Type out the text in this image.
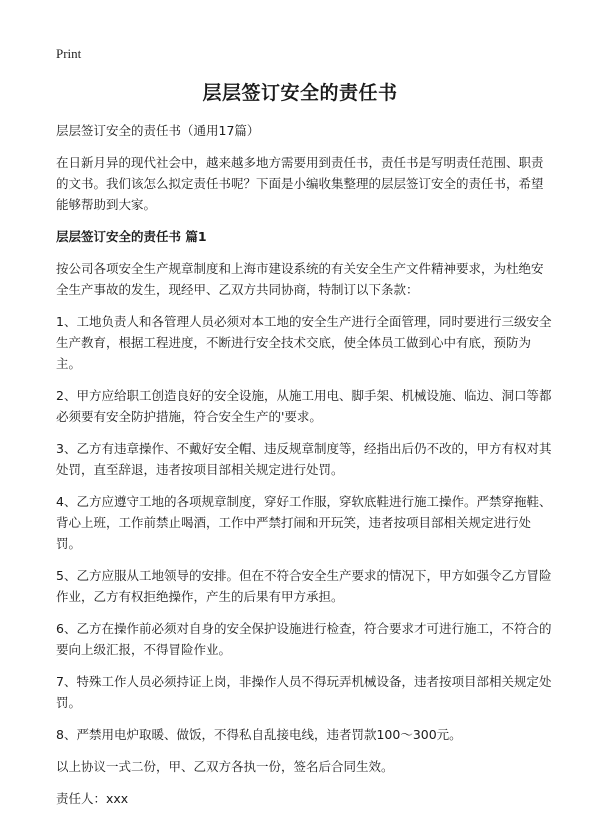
Print
层层签订安全的责任书

层层签订安全的责任书（通用17篇）

在日新月异的现代社会中，越来越多地方需要用到责任书，责任书是写明责任范围、职责的文书。我们该怎么拟定责任书呢？下面是小编收集整理的层层签订安全的责任书，希望能够帮助到大家。

层层签订安全的责任书 篇1

按公司各项安全生产规章制度和上海市建设系统的有关安全生产文件精神要求，为杜绝安全生产事故的发生，现经甲、乙双方共同协商，特制订以下条款：

1、工地负责人和各管理人员必须对本工地的安全生产进行全面管理，同时要进行三级安全生产教育，根据工程进度，不断进行安全技术交底，使全体员工做到心中有底，预防为主。

2、甲方应给职工创造良好的安全设施，从施工用电、脚手架、机械设施、临边、洞口等都必须要有安全防护措施，符合安全生产的'要求。

3、乙方有违章操作、不戴好安全帽、违反规章制度等，经指出后仍不改的，甲方有权对其处罚，直至辞退，违者按项目部相关规定进行处罚。

4、乙方应遵守工地的各项规章制度，穿好工作服，穿软底鞋进行施工操作。严禁穿拖鞋、背心上班，工作前禁止喝酒，工作中严禁打闹和开玩笑，违者按项目部相关规定进行处罚。

5、乙方应服从工地领导的安排。但在不符合安全生产要求的情况下，甲方如强令乙方冒险作业，乙方有权拒绝操作，产生的后果有甲方承担。

6、乙方在操作前必须对自身的安全保护设施进行检查，符合要求才可进行施工，不符合的要向上级汇报，不得冒险作业。

7、特殊工作人员必须持证上岗，非操作人员不得玩弄机械设备，违者按项目部相关规定处罚。

8、严禁用电炉取暖、做饭，不得私自乱接电线，违者罚款100～300元。

以上协议一式二份，甲、乙双方各执一份，签名后合同生效。

责任人：xxx
